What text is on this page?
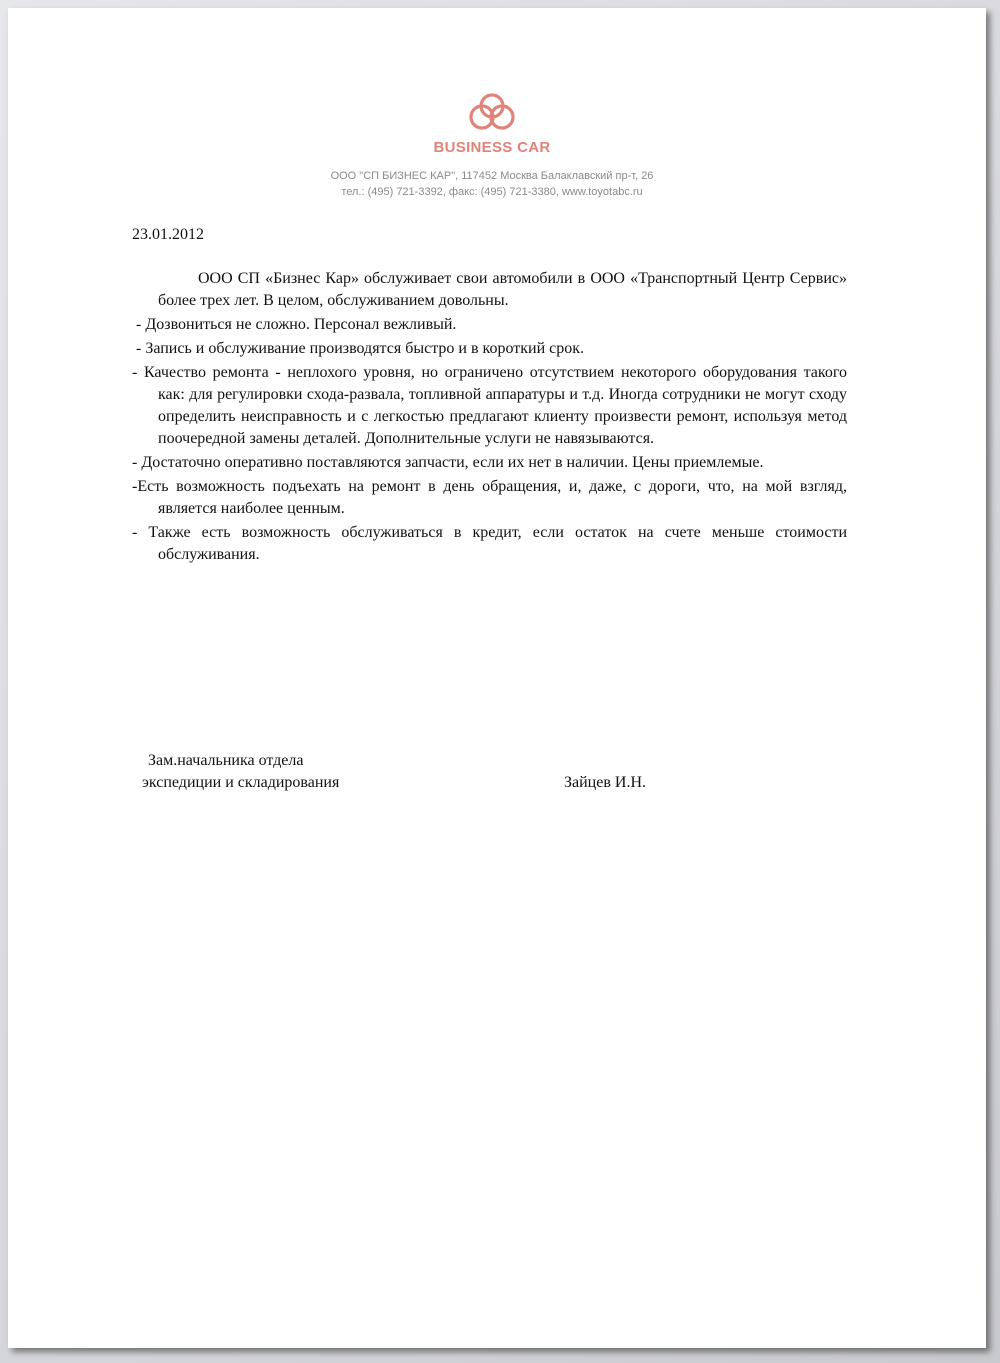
BUSINESS CAR
ООО "СП БИЗНЕС КАР", 117452 Москва Балаклавский пр-т, 26
тел.: (495) 721-3392, факс: (495) 721-3380, www.toyotabc.ru
23.01.2012

ООО СП «Бизнес Кар» обслуживает свои автомобили в ООО «Транспортный Центр Сервис» более трех лет. В целом, обслуживанием довольны.

- Дозвониться не сложно. Персонал вежливый.

- Запись и обслуживание производятся быстро и в короткий срок.

- Качество ремонта - неплохого уровня, но ограничено отсутствием некоторого оборудования такого как: для регулировки схода-развала, топливной аппаратуры и т.д. Иногда сотрудники не могут сходу определить неисправность и с легкостью предлагают клиенту произвести ремонт, используя метод поочередной замены деталей. Дополнительные услуги не навязываются.

- Достаточно оперативно поставляются запчасти, если их нет в наличии. Цены приемлемые.

-Есть возможность подъехать на ремонт в день обращения, и, даже, с дороги, что, на мой взгляд, является наиболее ценным.

- Также есть возможность обслуживаться в кредит, если остаток на счете меньше стоимости обслуживания.

Зам.начальника отдела
экспедиции и складирования	Зайцев И.Н.
